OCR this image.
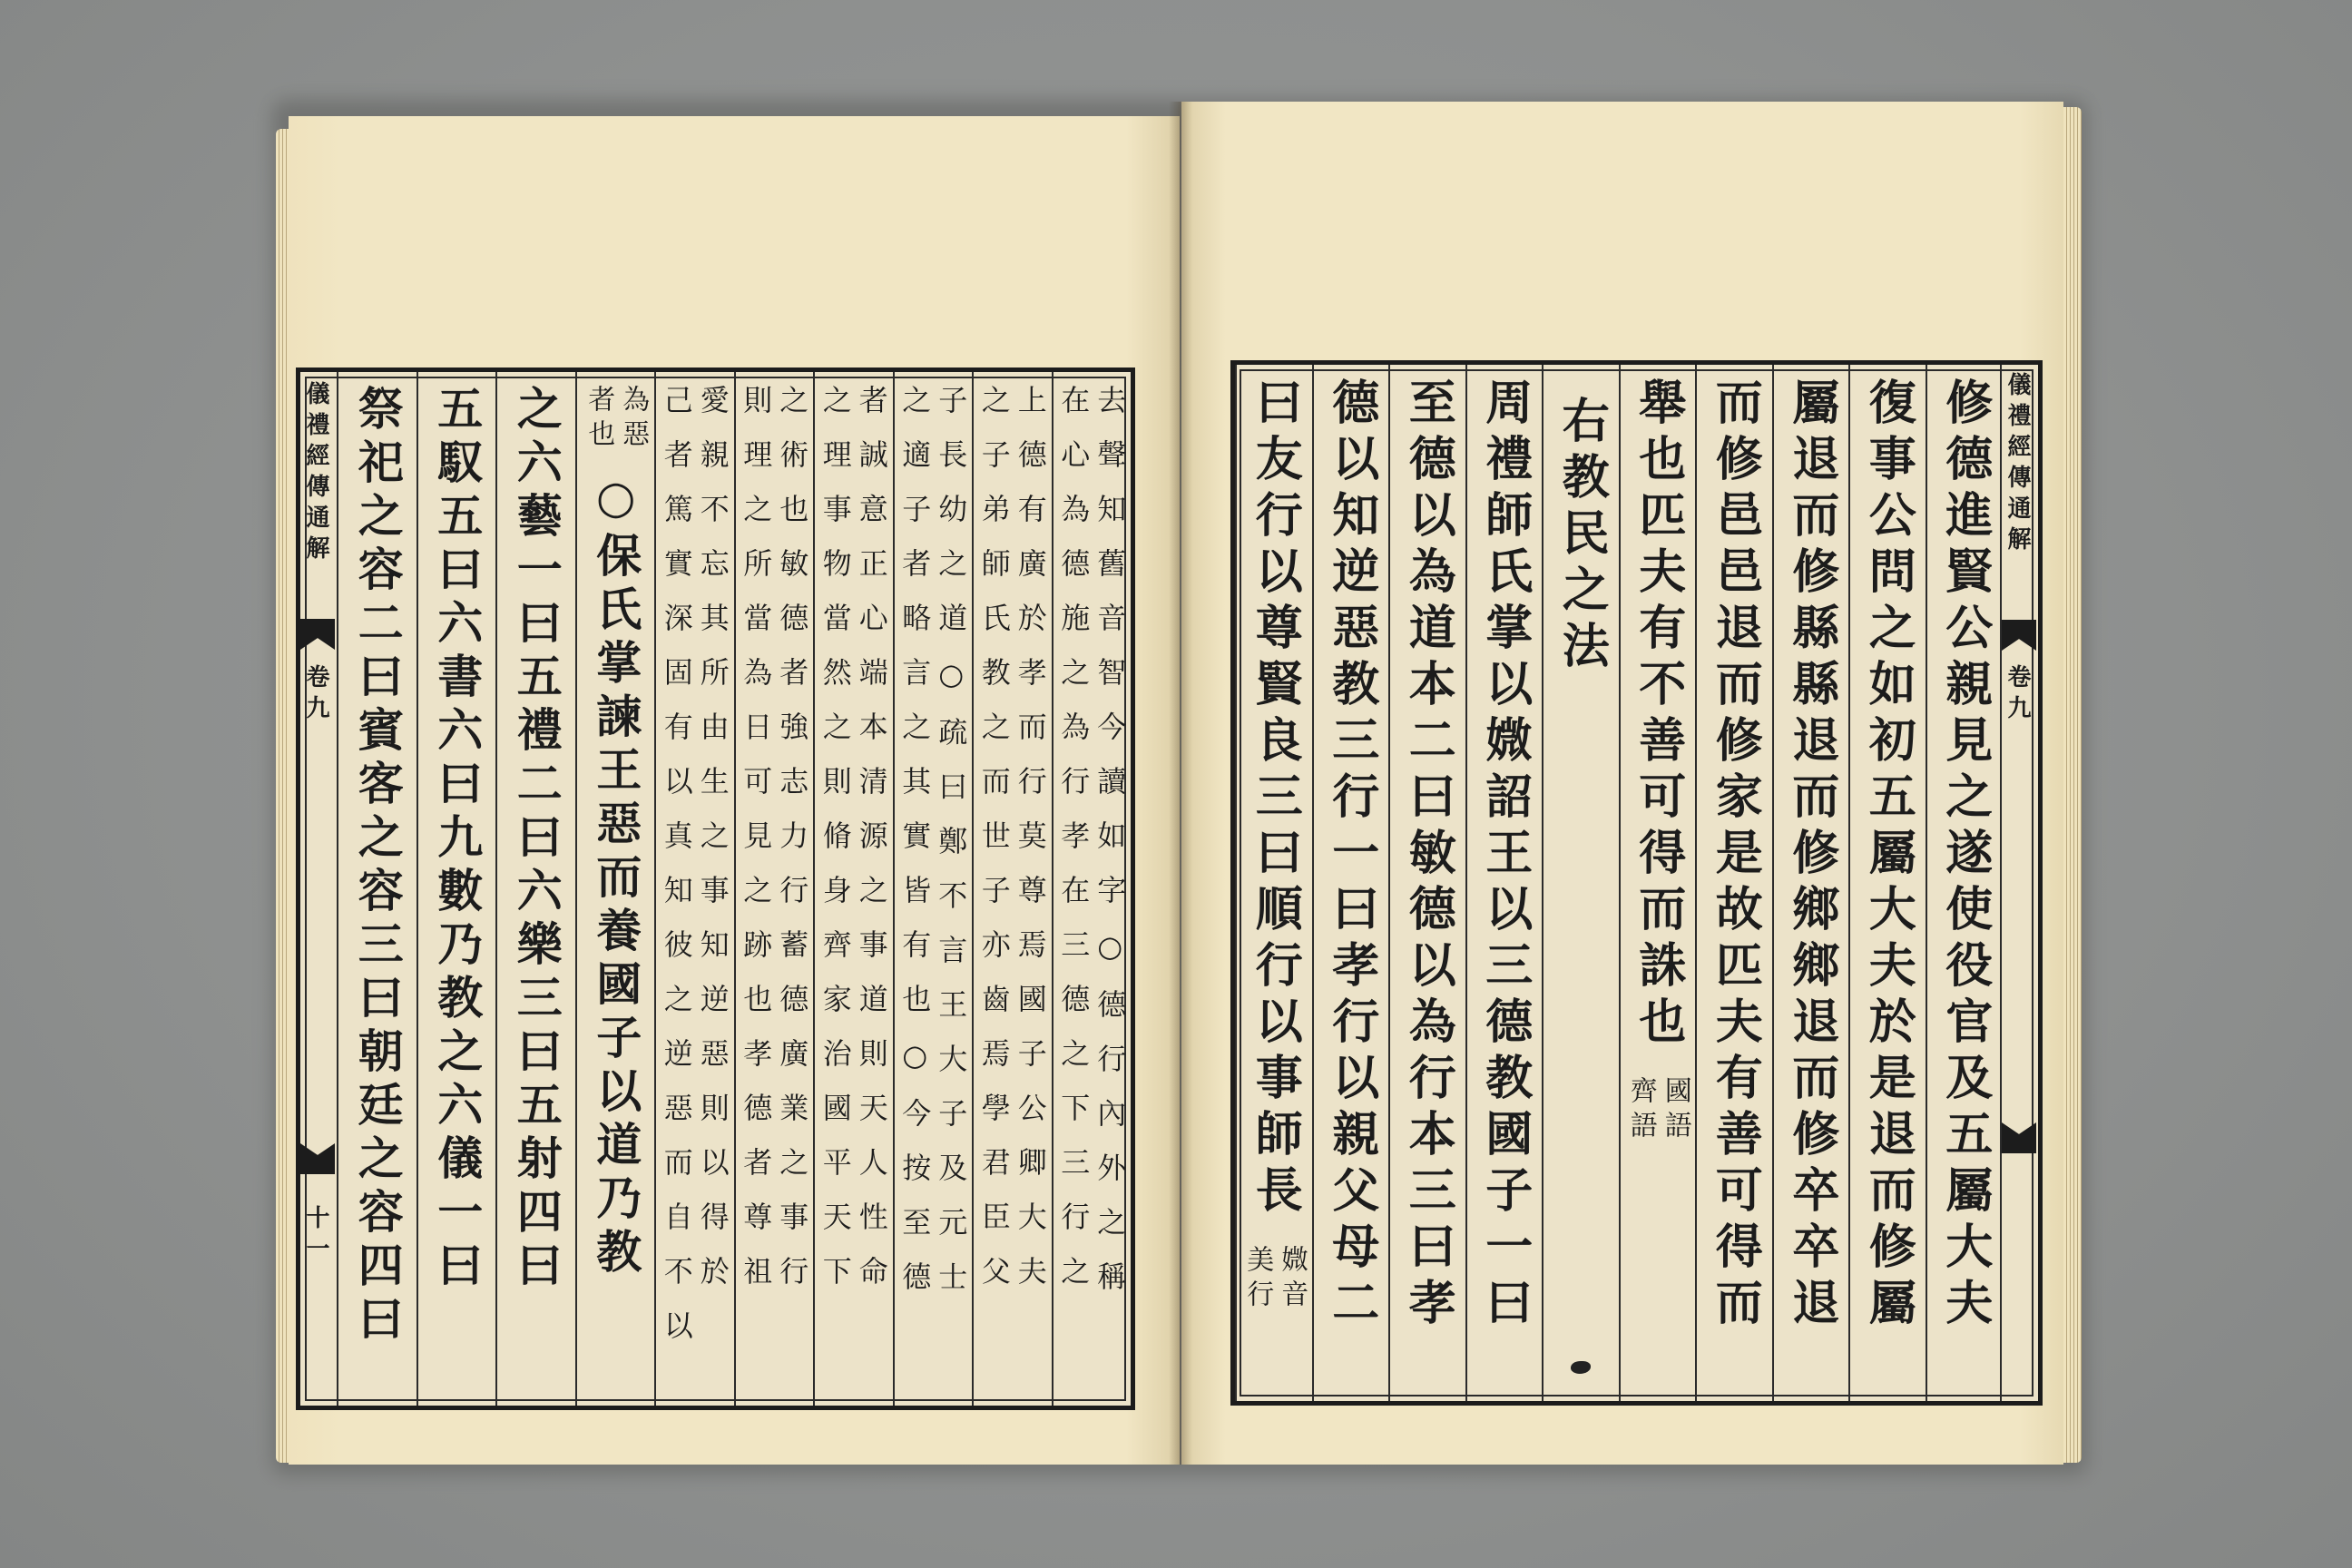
儀禮經傳通解
卷九
十一	去聲知舊音智今讀如字○德行內外之稱
在心為德施之為行孝在三德之下三行之
上德有廣於孝而行莫尊焉國子公卿大夫
之子弟師氏教之而世子亦齒焉學君臣父
子長幼之道○疏曰鄭不言王大子及元士
之適子者略言之其實皆有也○今按至德
者誠意正心端本清源之事道則天人性命
之理事物當然之則脩身齊家治國平天下
之術也敏德者強志力行蓄德廣業之事行
則理之所當為日可見之跡也孝德者尊祖
愛親不忘其所由生之事知逆惡則以得於
己者篤實深固有以真知彼之逆惡而自不以
為惡
者也
○保氏掌諫王惡而養國子以道乃教
之六藝一曰五禮二曰六樂三曰五射四曰
五馭五曰六書六曰九數乃教之六儀一曰
祭祀之容二曰賓客之容三曰朝廷之容四曰	修德進賢公親見之遂使役官及五屬大夫
復事公問之如初五屬大夫於是退而修屬
屬退而修縣縣退而修鄉鄉退而修卒卒退
而修邑邑退而修家是故匹夫有善可得而
舉也匹夫有不善可得而誅也
國語
齊語
右教民之法
周禮師氏掌以媺詔王以三德教國子一曰
至德以為道本二曰敏德以為行本三曰孝
德以知逆惡教三行一曰孝行以親父母二
曰友行以尊賢良三曰順行以事師長
媺音
美行
儀禮經傳通解
卷九
